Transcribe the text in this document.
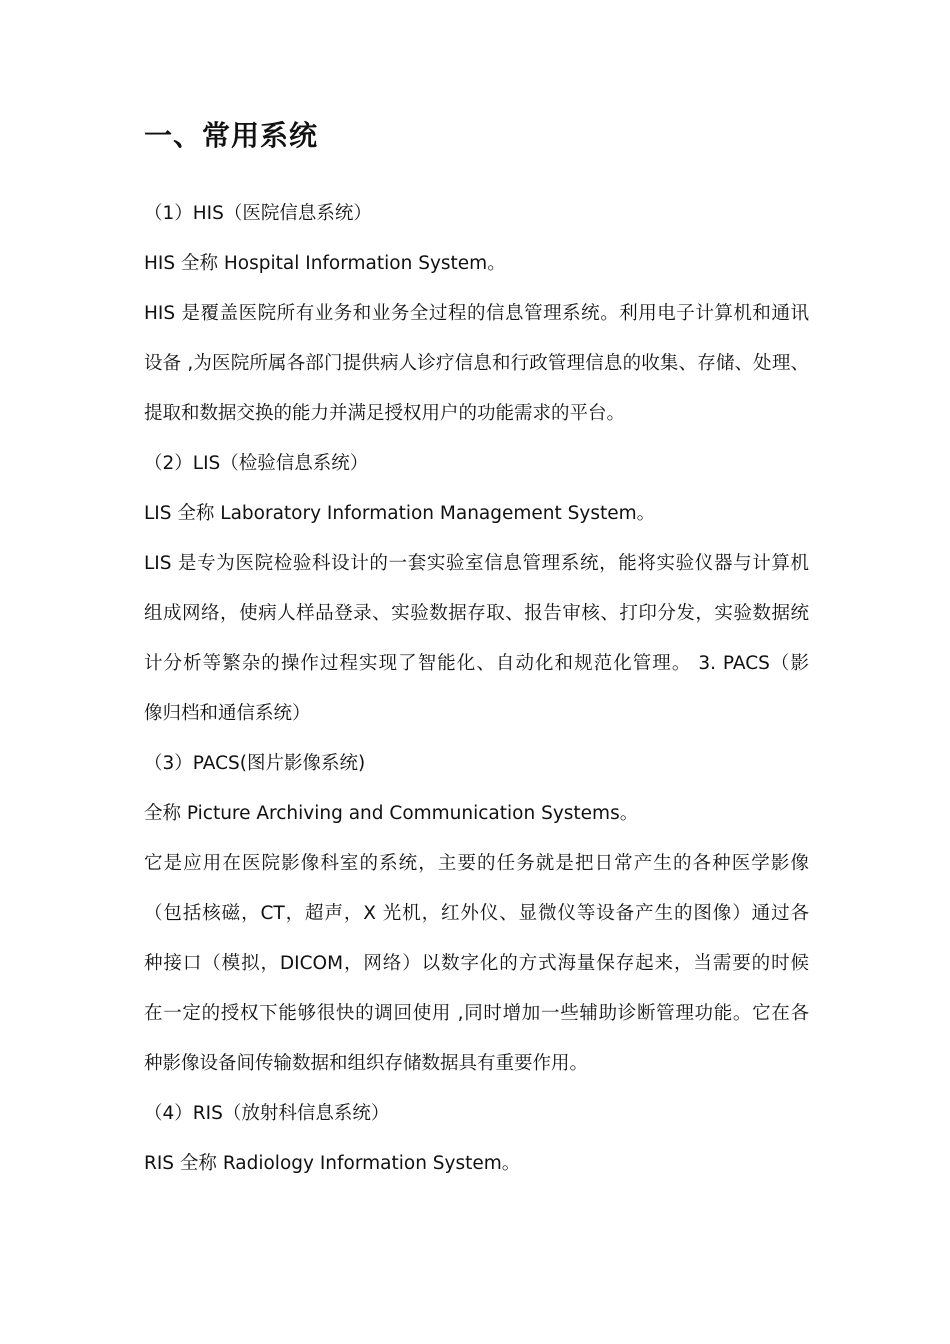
一、常用系统
（1）HIS（医院信息系统）
HIS 全称 Hospital Information System。
HIS 是覆盖医院所有业务和业务全过程的信息管理系统。利用电子计算机和通讯
设备 ,为医院所属各部门提供病人诊疗信息和行政管理信息的收集、存储、处理、
提取和数据交换的能力并满足授权用户的功能需求的平台。
（2）LIS（检验信息系统）
LIS 全称 Laboratory Information Management System。
LIS 是专为医院检验科设计的一套实验室信息管理系统，能将实验仪器与计算机
组成网络，使病人样品登录、实验数据存取、报告审核、打印分发，实验数据统
计分析等繁杂的操作过程实现了智能化、自动化和规范化管理。 3. PACS（影
像归档和通信系统）
（3）PACS(图片影像系统)
全称 Picture Archiving and Communication Systems。
它是应用在医院影像科室的系统，主要的任务就是把日常产生的各种医学影像
（包括核磁，CT，超声，X 光机，红外仪、显微仪等设备产生的图像）通过各
种接口（模拟，DICOM，网络）以数字化的方式海量保存起来，当需要的时候
在一定的授权下能够很快的调回使用 ,同时增加一些辅助诊断管理功能。它在各
种影像设备间传输数据和组织存储数据具有重要作用。
（4）RIS（放射科信息系统）
RIS 全称 Radiology Information System。
